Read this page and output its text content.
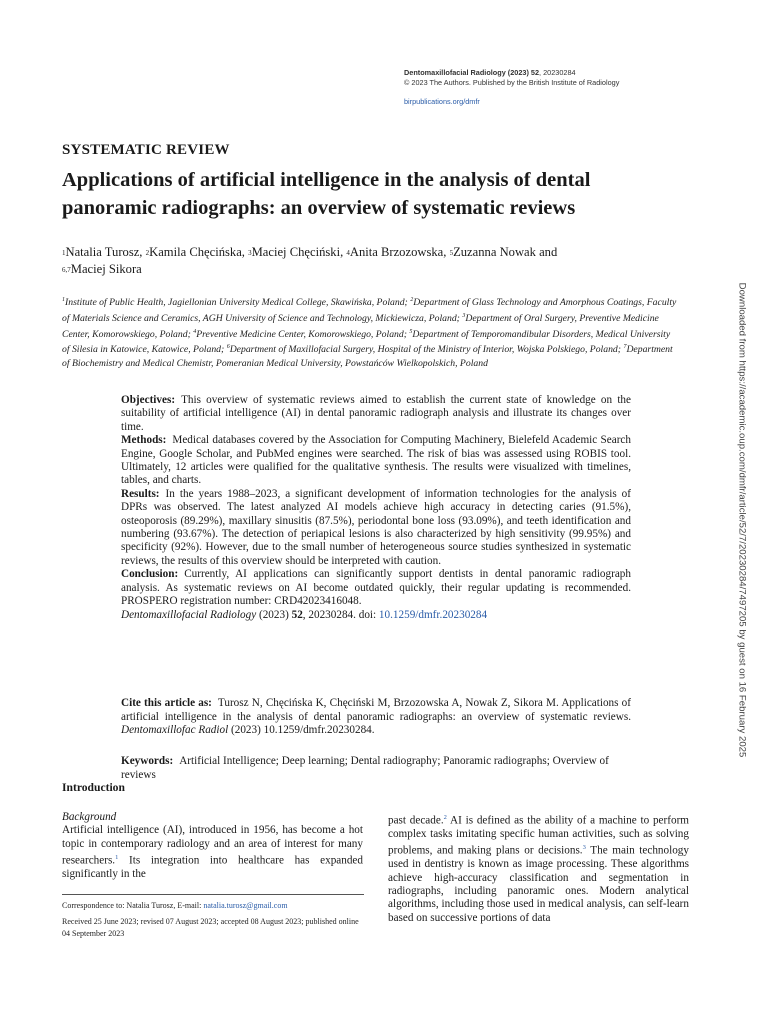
Dentomaxillofacial Radiology (2023) 52, 20230284
© 2023 The Authors. Published by the British Institute of Radiology
birpublications.org/dmfr
SYSTEMATIC REVIEW
Applications of artificial intelligence in the analysis of dental panoramic radiographs: an overview of systematic reviews
$^1$Natalia Turosz, $^2$Kamila Chęcińska, $^3$Maciej Chęciński, $^4$Anita Brzozowska, $^5$Zuzanna Nowak and
$^{6,7}$Maciej Sikora
$^1$Institute of Public Health, Jagiellonian University Medical College, Skawińska, Poland; $^2$Department of Glass Technology and Amorphous Coatings, Faculty of Materials Science and Ceramics, AGH University of Science and Technology, Mickiewicza, Poland; $^3$Department of Oral Surgery, Preventive Medicine Center, Komorowskiego, Poland; $^4$Preventive Medicine Center, Komorowskiego, Poland; $^5$Department of Temporomandibular Disorders, Medical University of Silesia in Katowice, Katowice, Poland; $^6$Department of Maxillofacial Surgery, Hospital of the Ministry of Interior, Wojska Polskiego, Poland; $^7$Department of Biochemistry and Medical Chemistr, Pomeranian Medical University, Powstańców Wielkopolskich, Poland

Objectives: This overview of systematic reviews aimed to establish the current state of knowledge on the suitability of artificial intelligence (AI) in dental panoramic radiograph analysis and illustrate its changes over time.

Methods: Medical databases covered by the Association for Computing Machinery, Bielefeld Academic Search Engine, Google Scholar, and PubMed engines were searched. The risk of bias was assessed using ROBIS tool. Ultimately, 12 articles were qualified for the qualitative synthesis. The results were visualized with timelines, tables, and charts.

Results: In the years 1988–2023, a significant development of information technologies for the analysis of DPRs was observed. The latest analyzed AI models achieve high accuracy in detecting caries (91.5%), osteoporosis (89.29%), maxillary sinusitis (87.5%), periodontal bone loss (93.09%), and teeth identification and numbering (93.67%). The detection of periapical lesions is also characterized by high sensitivity (99.95%) and specificity (92%). However, due to the small number of heterogeneous source studies synthesized in systematic reviews, the results of this overview should be interpreted with caution.

Conclusion: Currently, AI applications can significantly support dentists in dental panoramic radiograph analysis. As systematic reviews on AI become outdated quickly, their regular updating is recommended. PROSPERO registration number: CRD42023416048.

Dentomaxillofacial Radiology (2023) 52, 20230284. doi: 10.1259/dmfr.20230284

Cite this article as: Turosz N, Chęcińska K, Chęciński M, Brzozowska A, Nowak Z, Sikora M. Applications of artificial intelligence in the analysis of dental panoramic radiographs: an overview of systematic reviews. Dentomaxillofac Radiol (2023) 10.1259/dmfr.20230284.
Keywords: Artificial Intelligence; Deep learning; Dental radiography; Panoramic radiographs; Overview of reviews
Introduction

Background

Artificial intelligence (AI), introduced in 1956, has become a hot topic in contemporary radiology and an area of interest for many researchers.$^1$ Its integration into healthcare has expanded significantly in the

past decade.$^2$ AI is defined as the ability of a machine to perform complex tasks imitating specific human activities, such as solving problems, and making plans or decisions.$^3$ The main technology used in dentistry is known as image processing. These algorithms achieve high-accuracy classification and segmentation in radiographs, including panoramic ones. Modern analytical algorithms, including those used in medical analysis, can self-learn based on successive portions of data

Correspondence to: Natalia Turosz, E-mail: natalia.turosz@gmail.com

Received 25 June 2023; revised 07 August 2023; accepted 08 August 2023; published online 04 September 2023

Downloaded from https://academic.oup.com/dmfr/article/52/7/20230284/7497205 by guest on 16 February 2025
